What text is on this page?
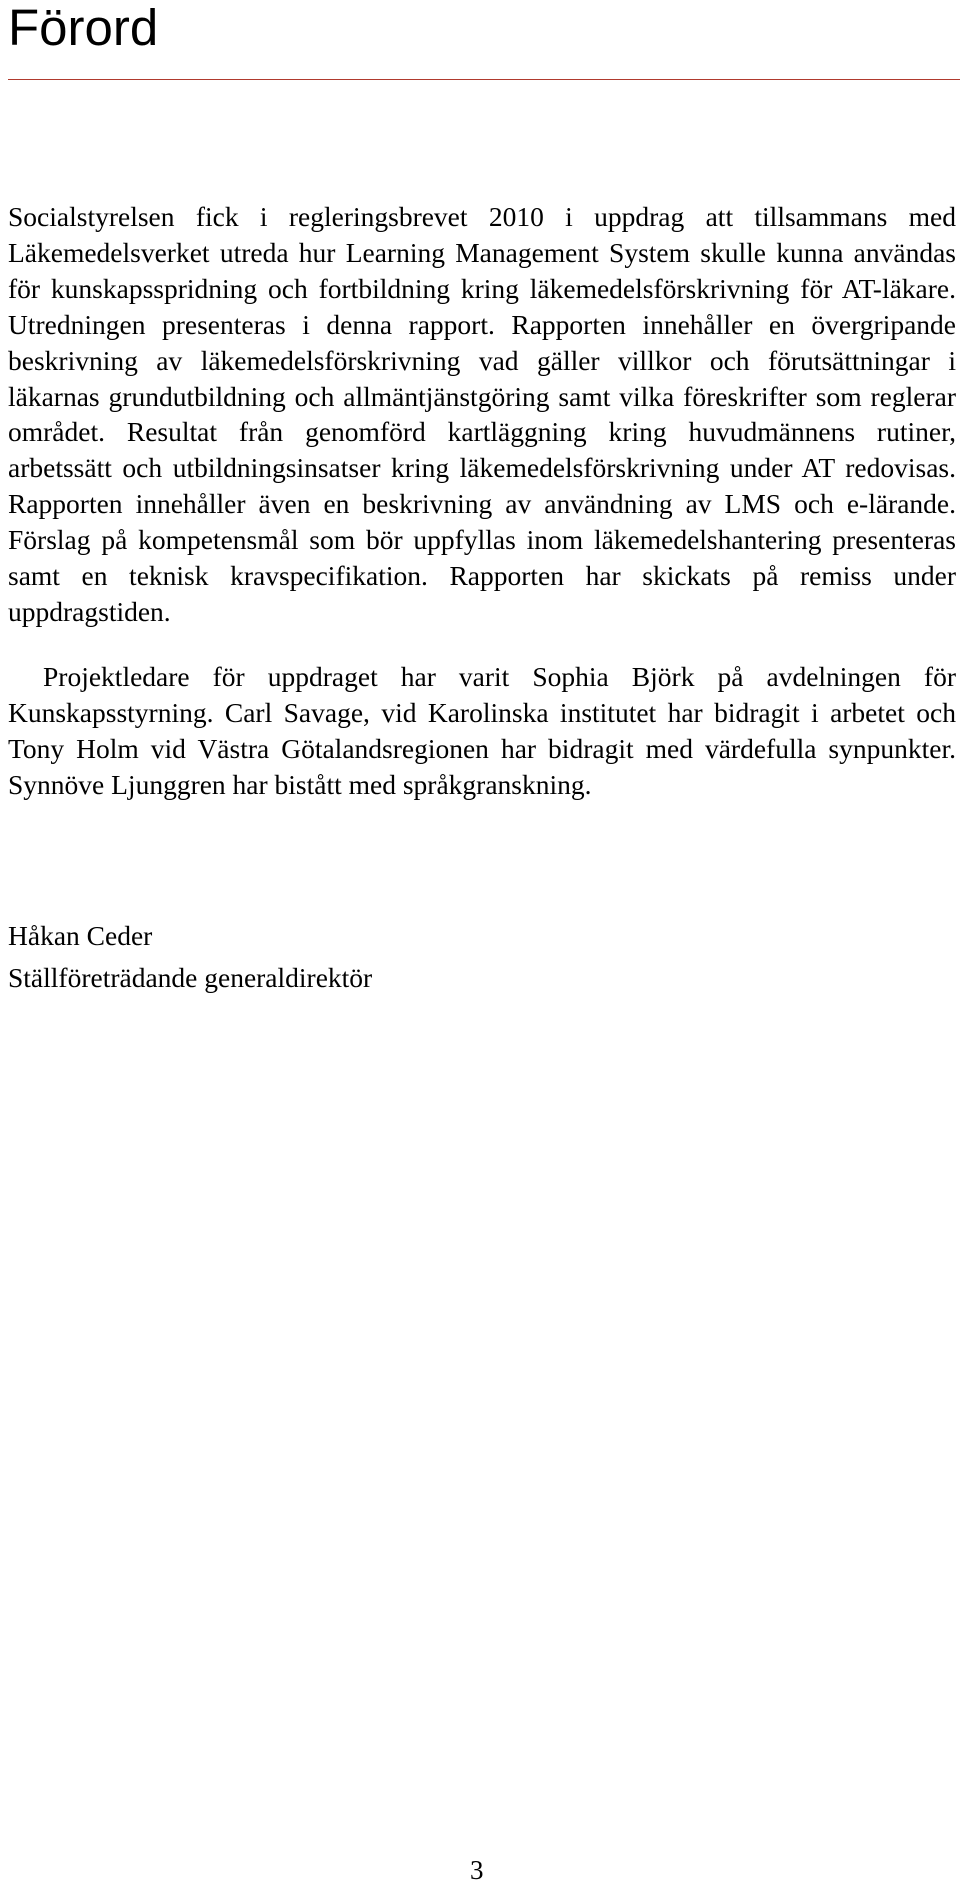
Förord

Socialstyrelsen fick i regleringsbrevet 2010 i uppdrag att tillsammans med Läkemedelsverket utreda hur Learning Management System skulle kunna användas för kunskapsspridning och fortbildning kring läkemedelsförskrivning för AT-läkare. Utredningen presenteras i denna rapport. Rapporten innehåller en övergripande beskrivning av läkemedelsförskrivning vad gäller villkor och förutsättningar i läkarnas grundutbildning och allmäntjänstgöring samt vilka föreskrifter som reglerar området. Resultat från genomförd kartläggning kring huvudmännens rutiner, arbetssätt och utbildningsinsatser kring läkemedelsförskrivning under AT redovisas. Rapporten innehåller även en beskrivning av användning av LMS och e-lärande. Förslag på kompetensmål som bör uppfyllas inom läkemedelshantering presenteras samt en teknisk kravspecifikation. Rapporten har skickats på remiss under uppdragstiden.

Projektledare för uppdraget har varit Sophia Björk på avdelningen för Kunskapsstyrning. Carl Savage, vid Karolinska institutet har bidragit i arbetet och Tony Holm vid Västra Götalandsregionen har bidragit med värdefulla synpunkter. Synnöve Ljunggren har bistått med språkgranskning.

Håkan Ceder

Ställföreträdande generaldirektör

3
